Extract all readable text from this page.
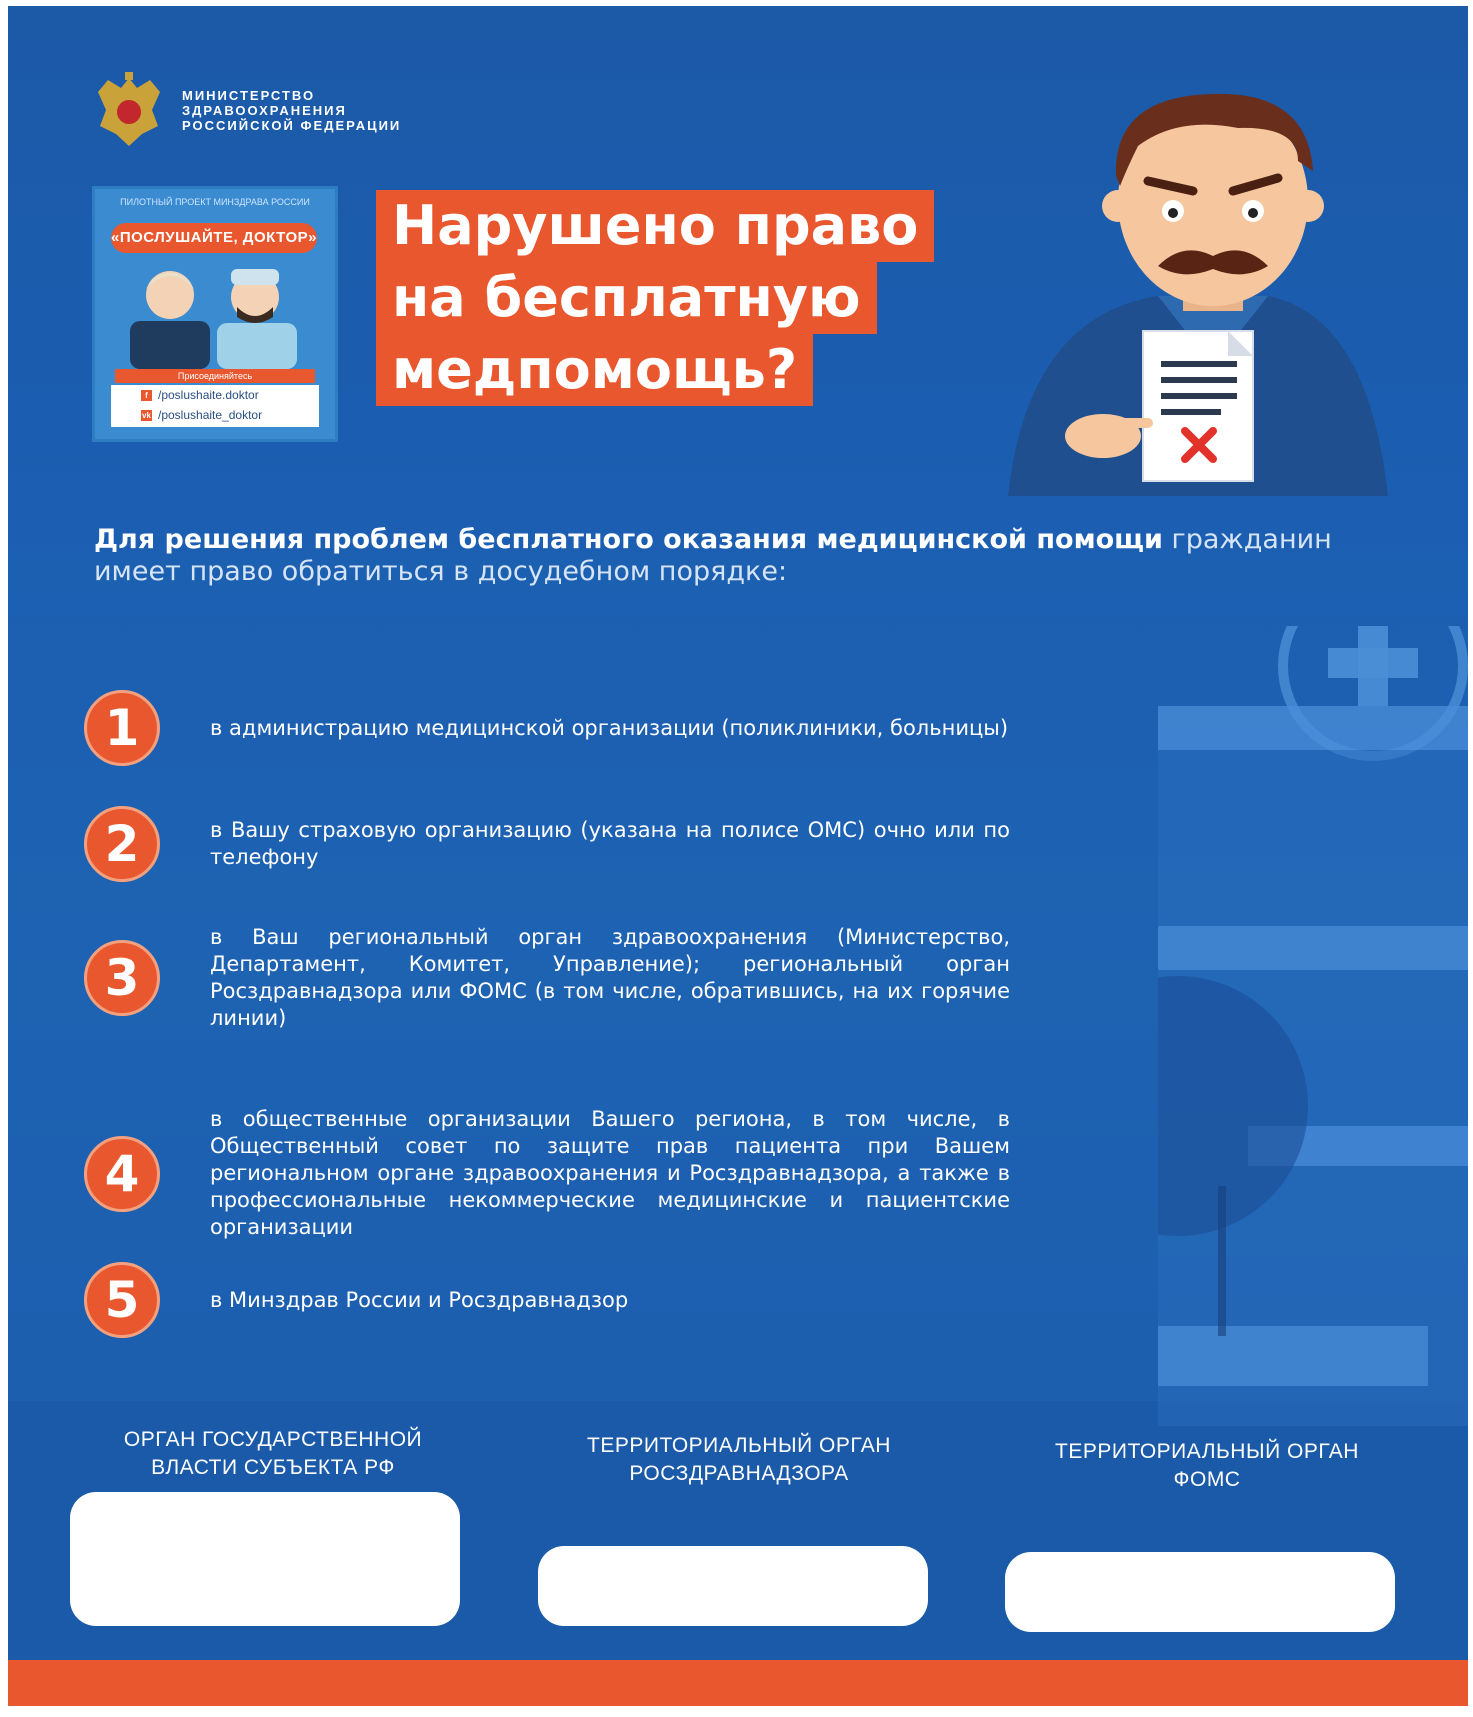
МИНИСТЕРСТВО
ЗДРАВООХРАНЕНИЯ
РОССИЙСКОЙ ФЕДЕРАЦИИ
ПИЛОТНЫЙ ПРОЕКТ МИНЗДРАВА РОССИИ
«ПОСЛУШАЙТЕ, ДОКТОР»
Присоединяйтесь
f /poslushaite.doktor
vk /poslushaite_doktor
Нарушено право
на бесплатную
медпомощь?
Для решения проблем бесплатного оказания медицинской помощи гражданин имеет право обратиться в досудебном порядке:
1	в администрацию медицинской организации (поликлиники, больницы)
2	в Вашу страховую организацию (указана на полисе ОМС) очно или по телефону
3
в Ваш региональный орган здравоохранения (Министерство, Департамент, Комитет, Управление); региональный орган Росздравнадзора или ФОМС (в том числе, обратившись, на их горячие линии)
4
в общественные организации Вашего региона, в том числе, в Общественный совет по защите прав пациента при Вашем региональном органе здравоохранения и Росздравнадзора, а также в профессиональные некоммерческие медицинские и пациентские организации
5	в Минздрав России и Росздравнадзор
ОРГАН ГОСУДАРСТВЕННОЙ
ВЛАСТИ СУБЪЕКТА РФ
ТЕРРИТОРИАЛЬНЫЙ ОРГАН
РОСЗДРАВНАДЗОРА
ТЕРРИТОРИАЛЬНЫЙ ОРГАН
ФОМС
